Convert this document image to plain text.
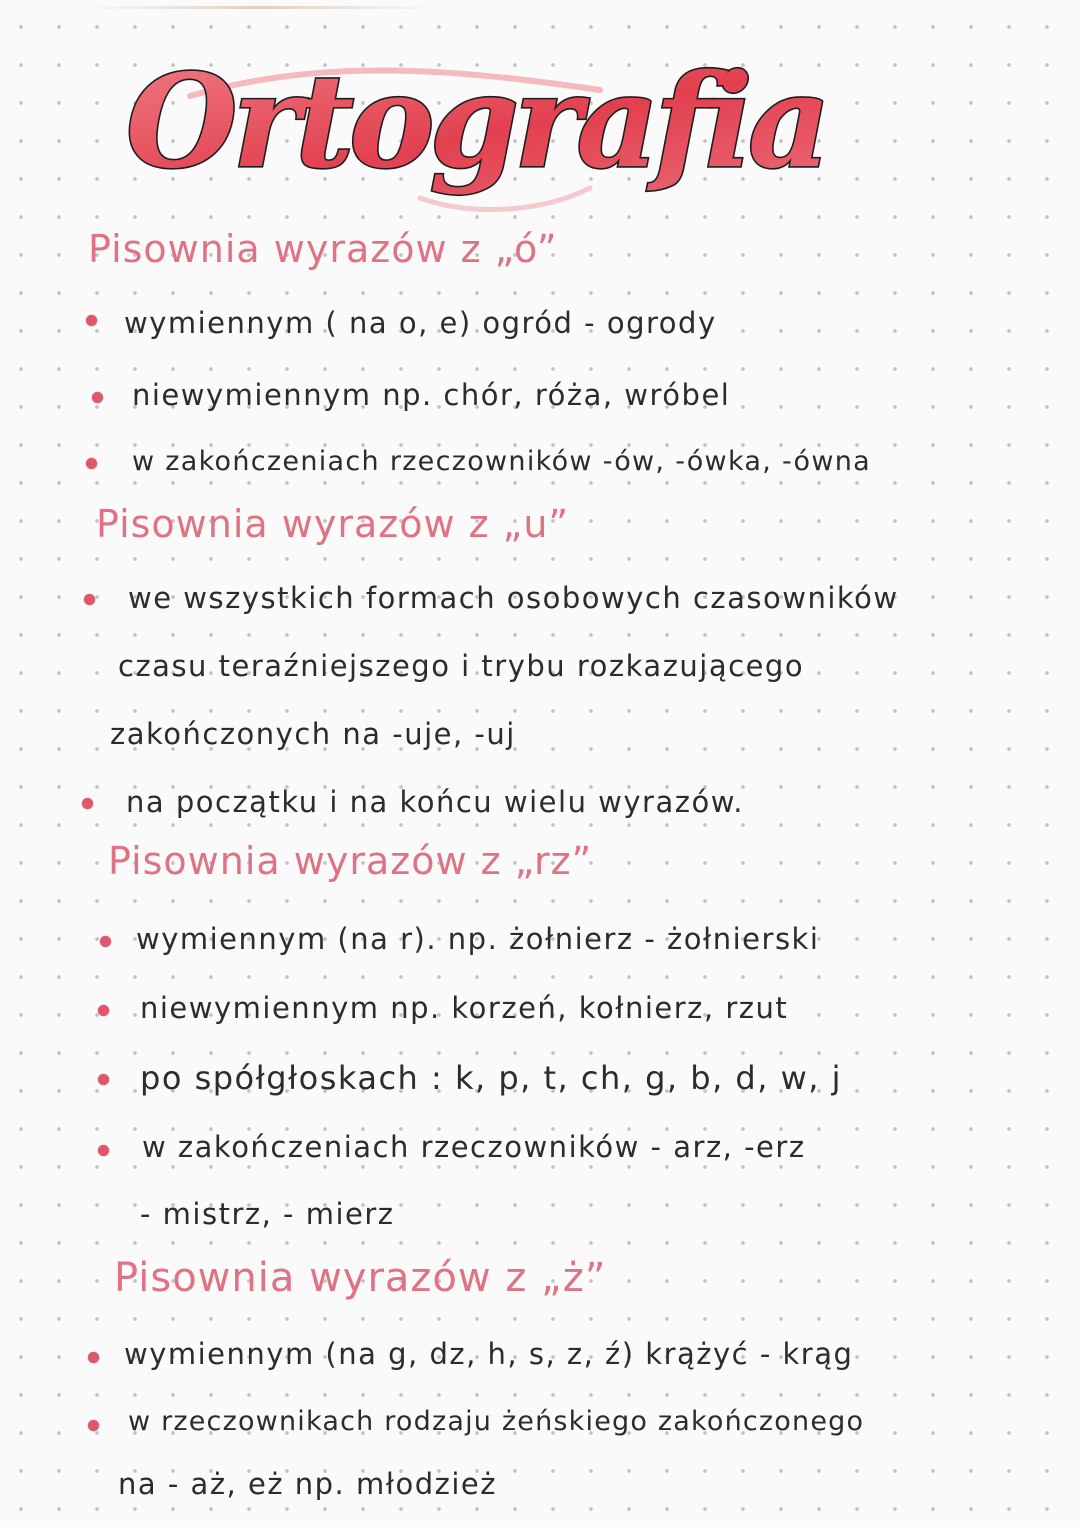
Ortografia
Pisownia wyrazów z „ó”
wymiennym ( na o, e) ogród - ogrody
niewymiennym np. chór, róża, wróbel
w zakończeniach rzeczowników -ów, -ówka, -ówna
Pisownia wyrazów z „u”
we wszystkich formach osobowych czasowników
czasu teraźniejszego i trybu rozkazującego
zakończonych na -uje, -uj
na początku i na końcu wielu wyrazów.
Pisownia wyrazów z „rz”
wymiennym (na r). np. żołnierz - żołnierski
niewymiennym np. korzeń, kołnierz, rzut
po spółgłoskach : k, p, t, ch, g, b, d, w, j
w zakończeniach rzeczowników - arz, -erz
- mistrz, - mierz
Pisownia wyrazów z „ż”
wymiennym (na g, dz, h, s, z, ź) krążyć - krąg
w rzeczownikach rodzaju żeńskiego zakończonego
na - aż, eż np. młodzież
